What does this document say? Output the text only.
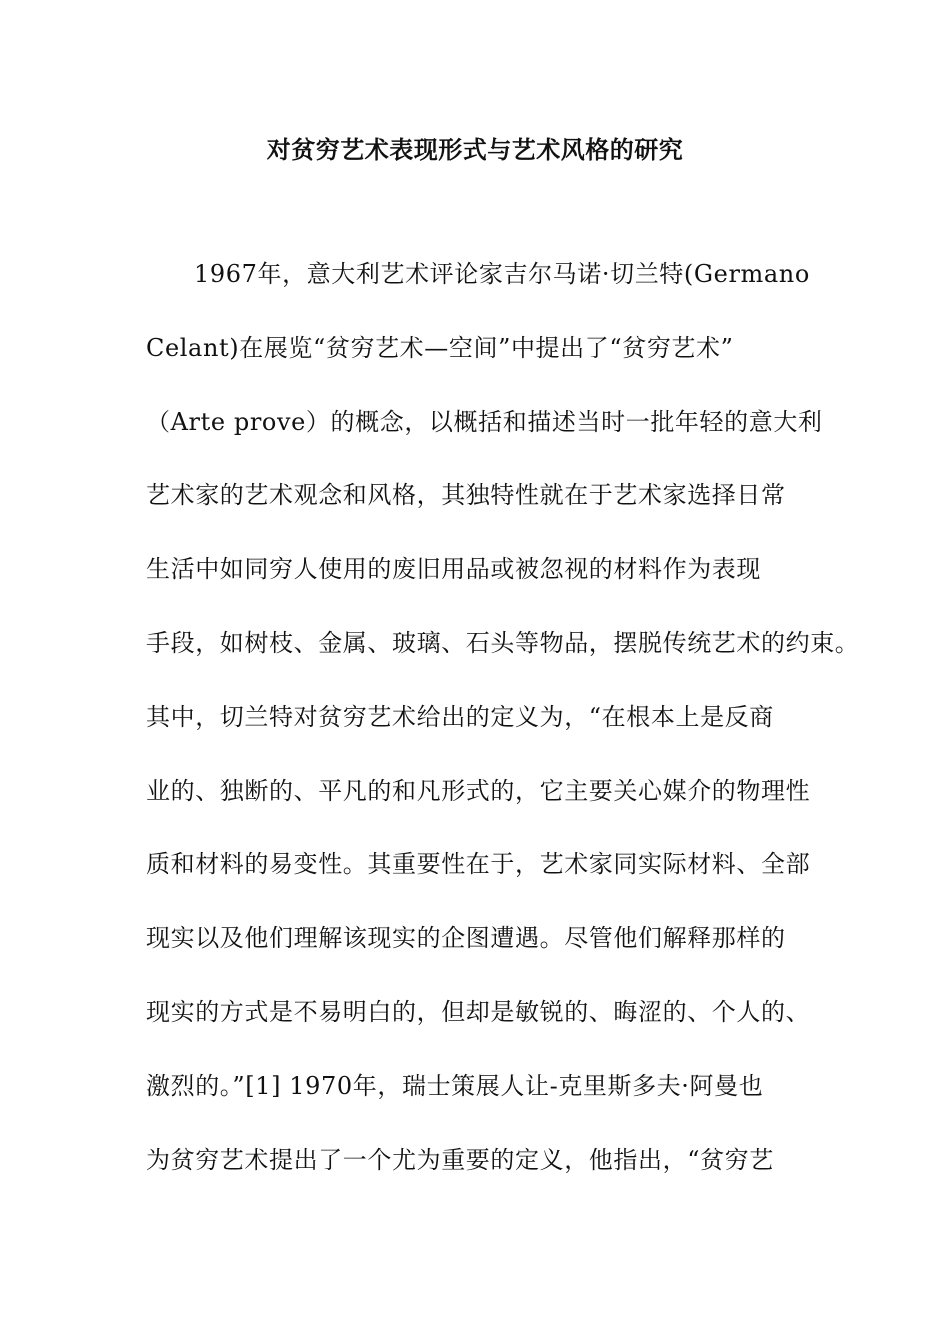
对贫穷艺术表现形式与艺术风格的研究
1967年，意大利艺术评论家吉尔马诺·切兰特(Germano
Celant)在展览“贫穷艺术—空间”中提出了“贫穷艺术”
（Arte prove）的概念，以概括和描述当时一批年轻的意大利
艺术家的艺术观念和风格，其独特性就在于艺术家选择日常
生活中如同穷人使用的废旧用品或被忽视的材料作为表现
手段，如树枝、金属、玻璃、石头等物品，摆脱传统艺术的约束。
其中，切兰特对贫穷艺术给出的定义为，“在根本上是反商
业的、独断的、平凡的和凡形式的，它主要关心媒介的物理性
质和材料的易变性。其重要性在于，艺术家同实际材料、全部
现实以及他们理解该现实的企图遭遇。尽管他们解释那样的
现实的方式是不易明白的，但却是敏锐的、晦涩的、个人的、
激烈的。”[1] 1970年，瑞士策展人让-克里斯多夫·阿曼也
为贫穷艺术提出了一个尤为重要的定义，他指出，“贫穷艺
